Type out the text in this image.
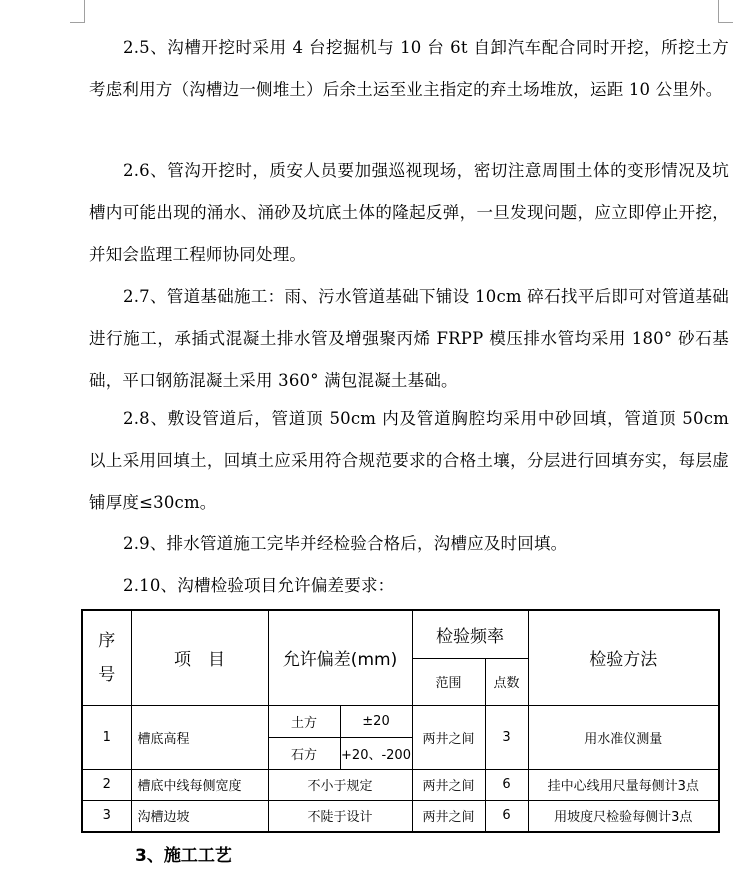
2.5、沟槽开挖时采用 4 台挖掘机与 10 台 6t 自卸汽车配合同时开挖，所挖土方考虑利用方（沟槽边一侧堆土）后余土运至业主指定的弃土场堆放，运距 10 公里外。

2.6、管沟开挖时，质安人员要加强巡视现场，密切注意周围土体的变形情况及坑槽内可能出现的涌水、涌砂及坑底土体的隆起反弹，一旦发现问题，应立即停止开挖，并知会监理工程师协同处理。

2.7、管道基础施工：雨、污水管道基础下铺设 10cm 碎石找平后即可对管道基础进行施工，承插式混凝土排水管及增强聚丙烯 FRPP 模压排水管均采用 180° 砂石基础，平口钢筋混凝土采用 360° 满包混凝土基础。

2.8、敷设管道后，管道顶 50cm 内及管道胸腔均采用中砂回填，管道顶 50cm 以上采用回填土，回填土应采用符合规范要求的合格土壤，分层进行回填夯实，每层虚铺厚度≤30cm。

2.9、排水管道施工完毕并经检验合格后，沟槽应及时回填。

2.10、沟槽检验项目允许偏差要求：

序
号	项　目	允许偏差(mm)		检验频率		检验方法
				范围	点数	
1	槽底高程	土方	±20	两井之间	3	用水准仪测量
		石方	+20、-200			
2	槽底中线每侧宽度	不小于规定		两井之间	6	挂中心线用尺量每侧计3点
3	沟槽边坡	不陡于设计		两井之间	6	用坡度尺检验每侧计3点
3、施工工艺
